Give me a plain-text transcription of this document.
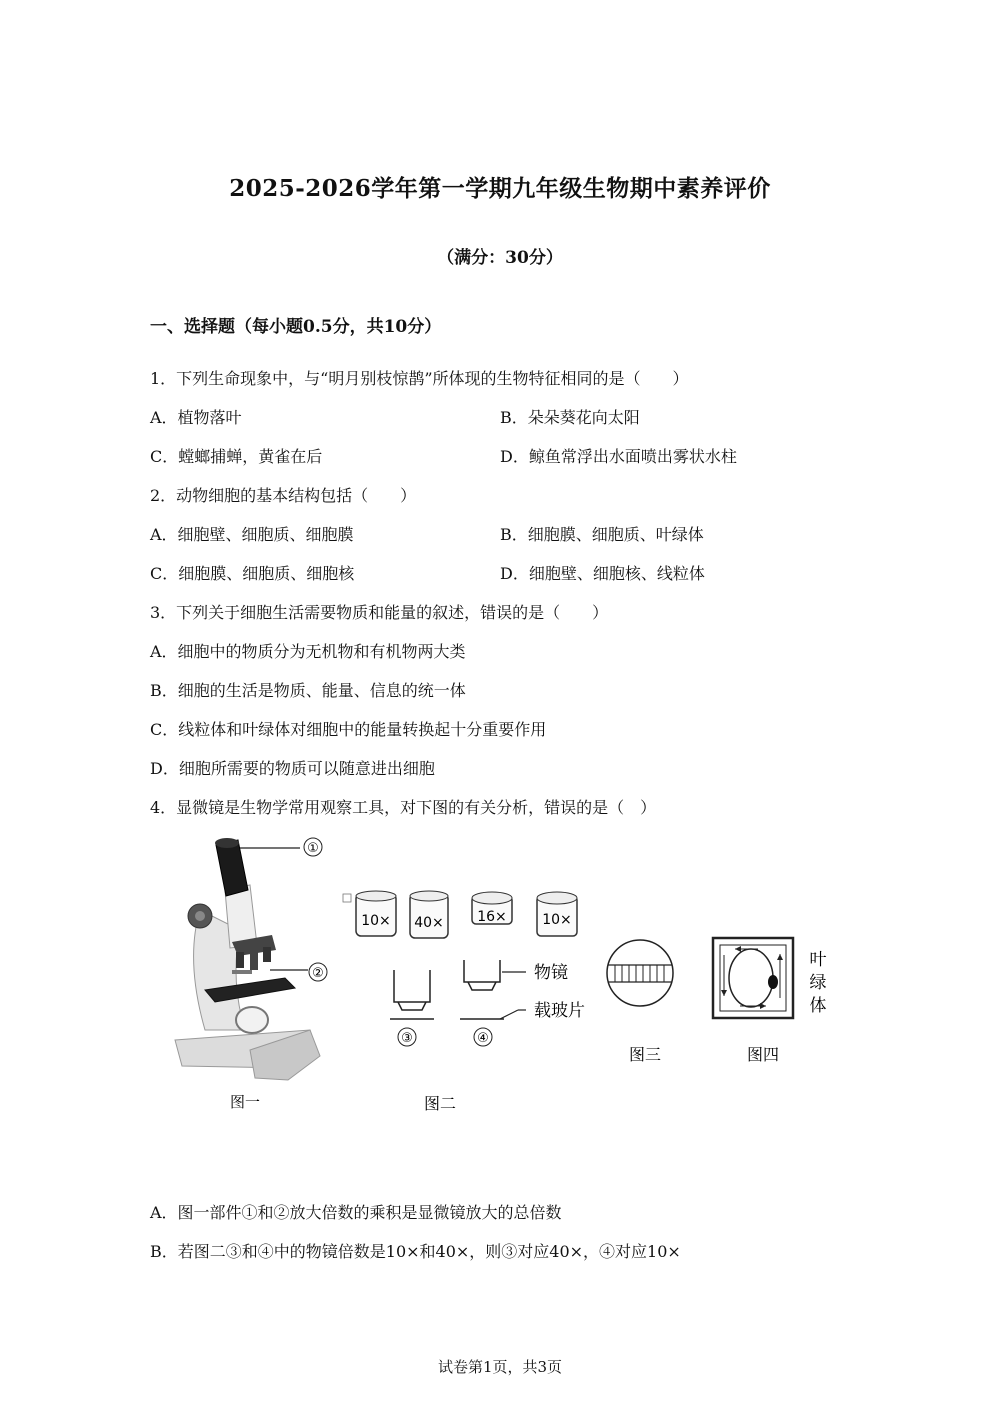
2025-2026学年第一学期九年级生物期中素养评价
（满分：30分）
一、选择题（每小题0.5分，共10分）
1．下列生命现象中，与“明月别枝惊鹊”所体现的生物特征相同的是（　　）
A．植物落叶	B．朵朵葵花向太阳
C．螳螂捕蝉，黄雀在后	D．鲸鱼常浮出水面喷出雾状水柱
2．动物细胞的基本结构包括（　　）
A．细胞壁、细胞质、细胞膜	B．细胞膜、细胞质、叶绿体
C．细胞膜、细胞质、细胞核	D．细胞壁、细胞核、线粒体
3．下列关于细胞生活需要物质和能量的叙述，错误的是（　　）
A．细胞中的物质分为无机物和有机物两大类
B．细胞的生活是物质、能量、信息的统一体
C．线粒体和叶绿体对细胞中的能量转换起十分重要作用
D．细胞所需要的物质可以随意进出细胞
4．显微镜是生物学常用观察工具，对下图的有关分析，错误的是（　）
①
②
图一
10× 40× 16×	10×
③
物镜
载玻片
④
图二
图三
叶
绿
体
图四
A．图一部件①和②放大倍数的乘积是显微镜放大的总倍数
B．若图二③和④中的物镜倍数是10×和40×，则③对应40×，④对应10×
试卷第1页，共3页
